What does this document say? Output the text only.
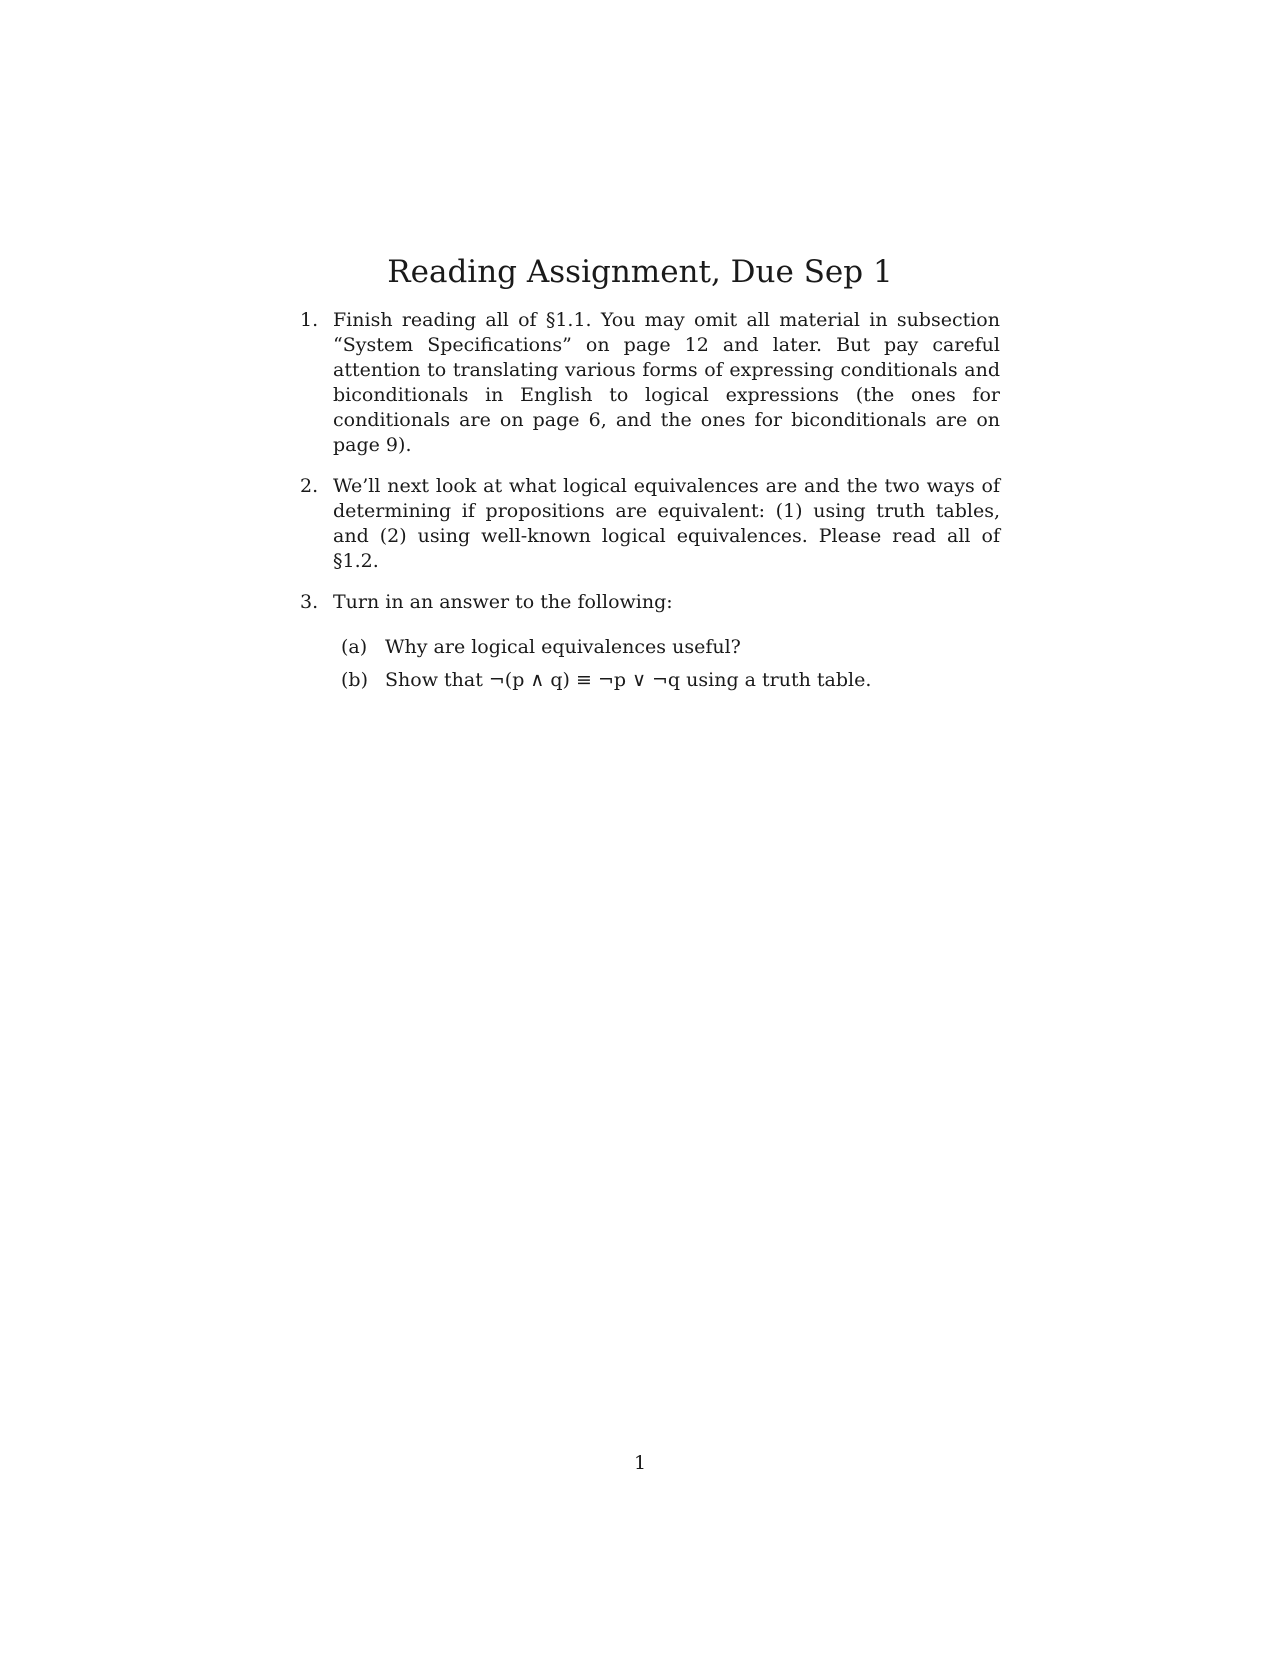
Reading Assignment, Due Sep 1
1. Finish reading all of §1.1. You may omit all material in subsection “System Specifications” on page 12 and later. But pay careful attention to translating various forms of expressing conditionals and biconditionals in English to logical expressions (the ones for conditionals are on page 6, and the ones for biconditionals are on page 9).
2. We’ll next look at what logical equivalences are and the two ways of determining if propositions are equivalent: (1) using truth tables, and (2) using well-known logical equivalences. Please read all of §1.2.
3. Turn in an answer to the following:
(a) Why are logical equivalences useful?
(b) Show that ¬(p ∧ q) ≡ ¬p ∨ ¬q using a truth table.
1
